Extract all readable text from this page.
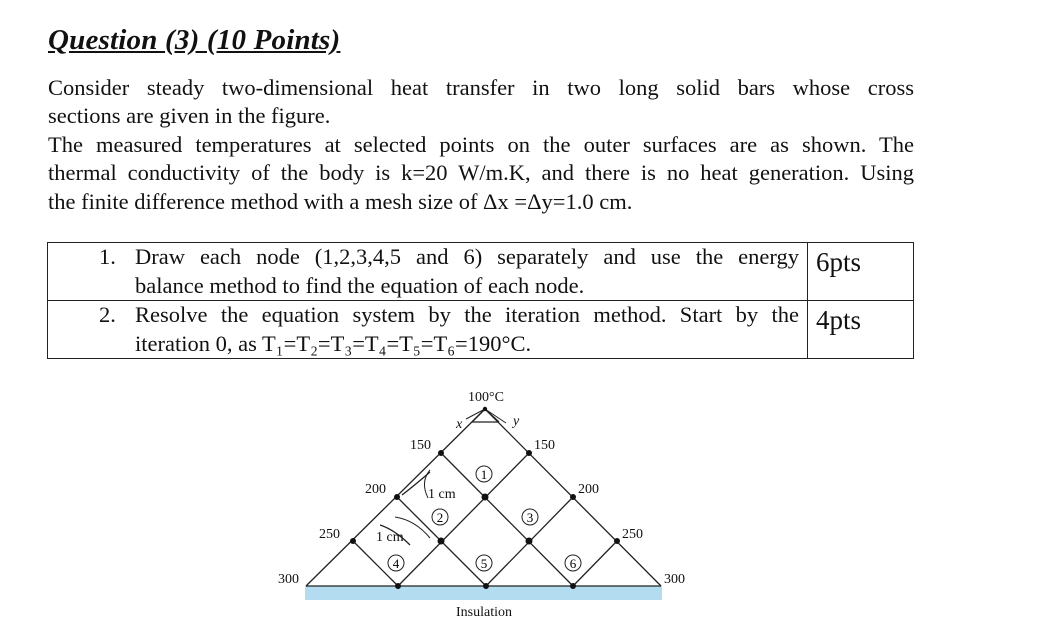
Question (3) (10 Points)
Consider steady two-dimensional heat transfer in two long solid bars whose cross
sections are given in the figure.
The measured temperatures at selected points on the outer surfaces are as shown. The
thermal conductivity of the body is k=20 W/m.K, and there is no heat generation. Using
the finite difference method with a mesh size of Δx =Δy=1.0 cm.
1. Draw each node (1,2,3,4,5 and 6) separately and use the energy
balance method to find the equation of each node.	6pts

2. Resolve the equation system by the iteration method. Start by the
iteration 0, as T₁=T₂=T₃=T₄=T₅=T₆=190°C.	4pts
1
2	3
4	5	6
100°C
x	y
150
200
250
300
150
200
250
300
1 cm
1 cm
Insulation
